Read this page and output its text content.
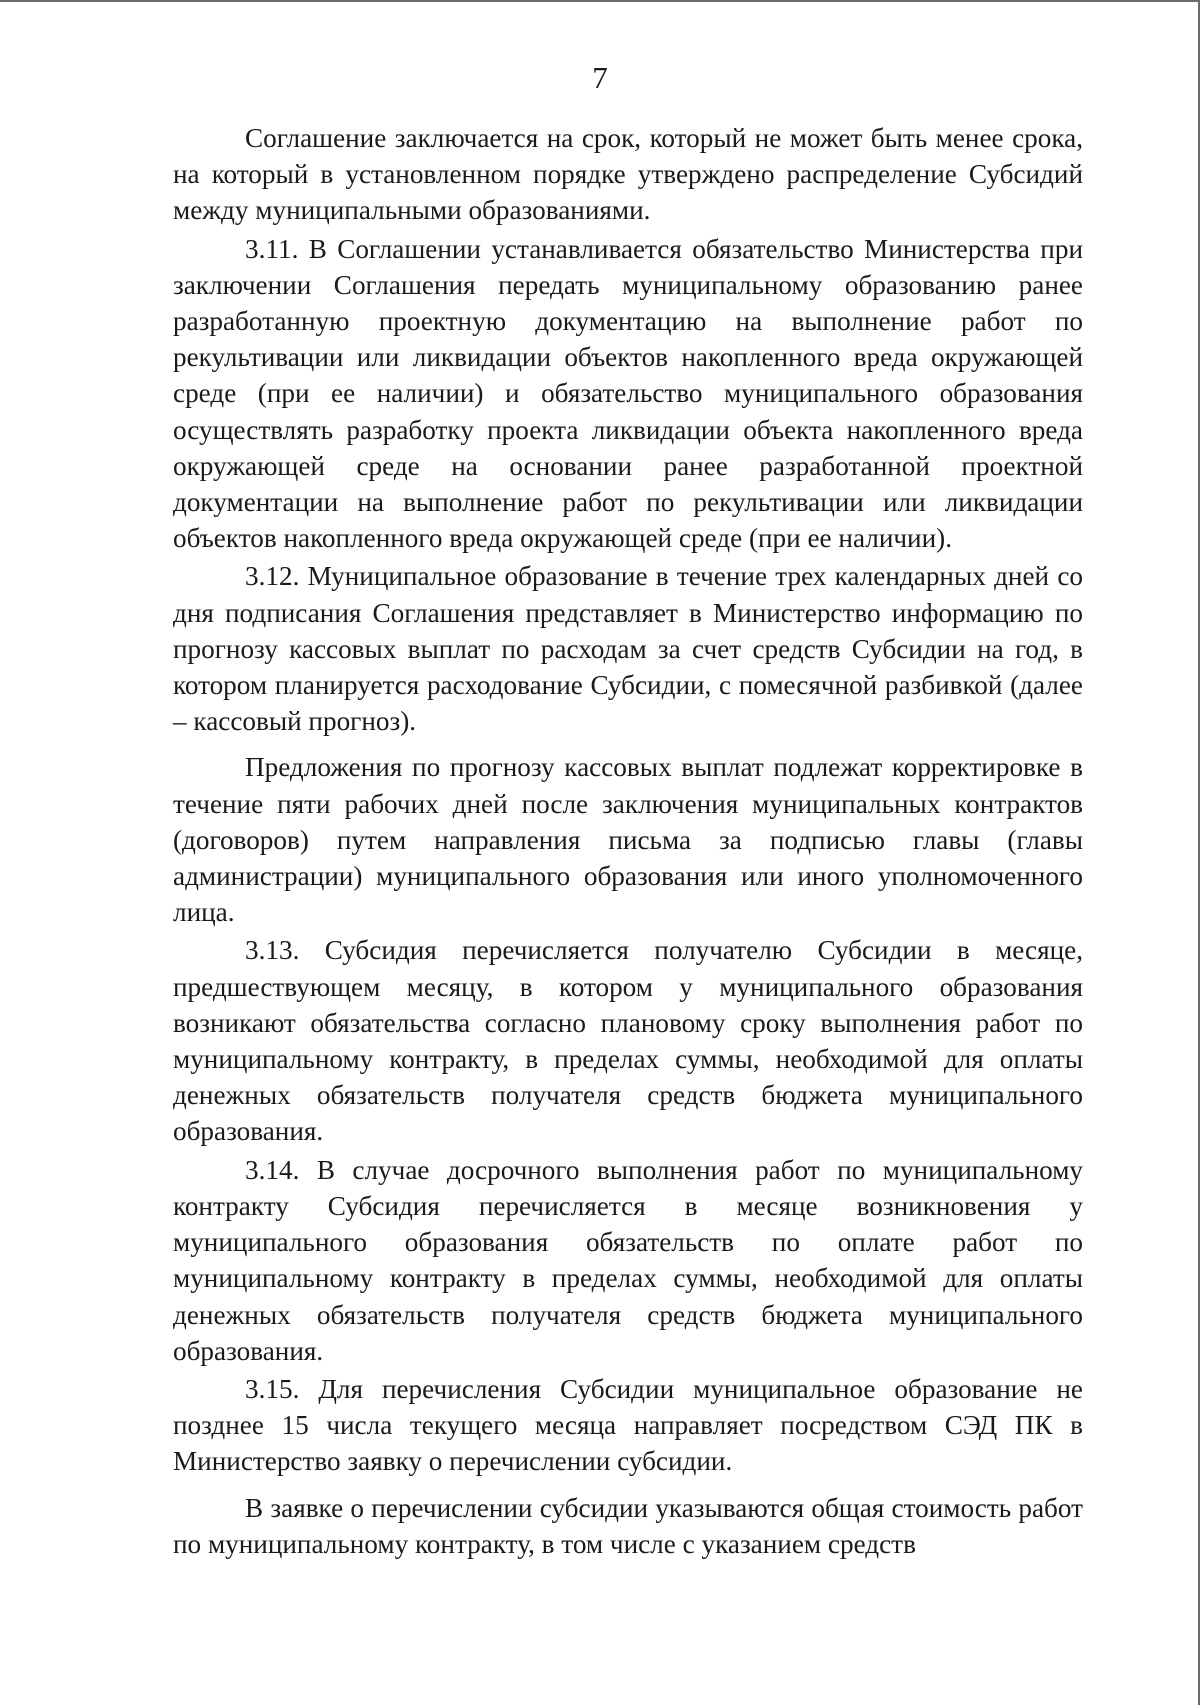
7

Соглашение заключается на срок, который не может быть менее срока, на который в установленном порядке утверждено распределение Субсидий между муниципальными образованиями.

3.11. В Соглашении устанавливается обязательство Министерства при заключении Соглашения передать муниципальному образованию ранее разработанную проектную документацию на выполнение работ по рекультивации или ликвидации объектов накопленного вреда окружающей среде (при ее наличии) и обязательство муниципального образования осуществлять разработку проекта ликвидации объекта накопленного вреда окружающей среде на основании ранее разработанной проектной документации на выполнение работ по рекультивации или ликвидации объектов накопленного вреда окружающей среде (при ее наличии).

3.12. Муниципальное образование в течение трех календарных дней со дня подписания Соглашения представляет в Министерство информацию по прогнозу кассовых выплат по расходам за счет средств Субсидии на год, в котором планируется расходование Субсидии, с помесячной разбивкой (далее – кассовый прогноз).

Предложения по прогнозу кассовых выплат подлежат корректировке в течение пяти рабочих дней после заключения муниципальных контрактов (договоров) путем направления письма за подписью главы (главы администрации) муниципального образования или иного уполномоченного лица.

3.13. Субсидия перечисляется получателю Субсидии в месяце, предшествующем месяцу, в котором у муниципального образования возникают обязательства согласно плановому сроку выполнения работ по муниципальному контракту, в пределах суммы, необходимой для оплаты денежных обязательств получателя средств бюджета муниципального образования.

3.14. В случае досрочного выполнения работ по муниципальному контракту Субсидия перечисляется в месяце возникновения у муниципального образования обязательств по оплате работ по муниципальному контракту в пределах суммы, необходимой для оплаты денежных обязательств получателя средств бюджета муниципального образования.

3.15. Для перечисления Субсидии муниципальное образование не позднее 15 числа текущего месяца направляет посредством СЭД ПК в Министерство заявку о перечислении субсидии.

В заявке о перечислении субсидии указываются общая стоимость работ по муниципальному контракту, в том числе с указанием средств
